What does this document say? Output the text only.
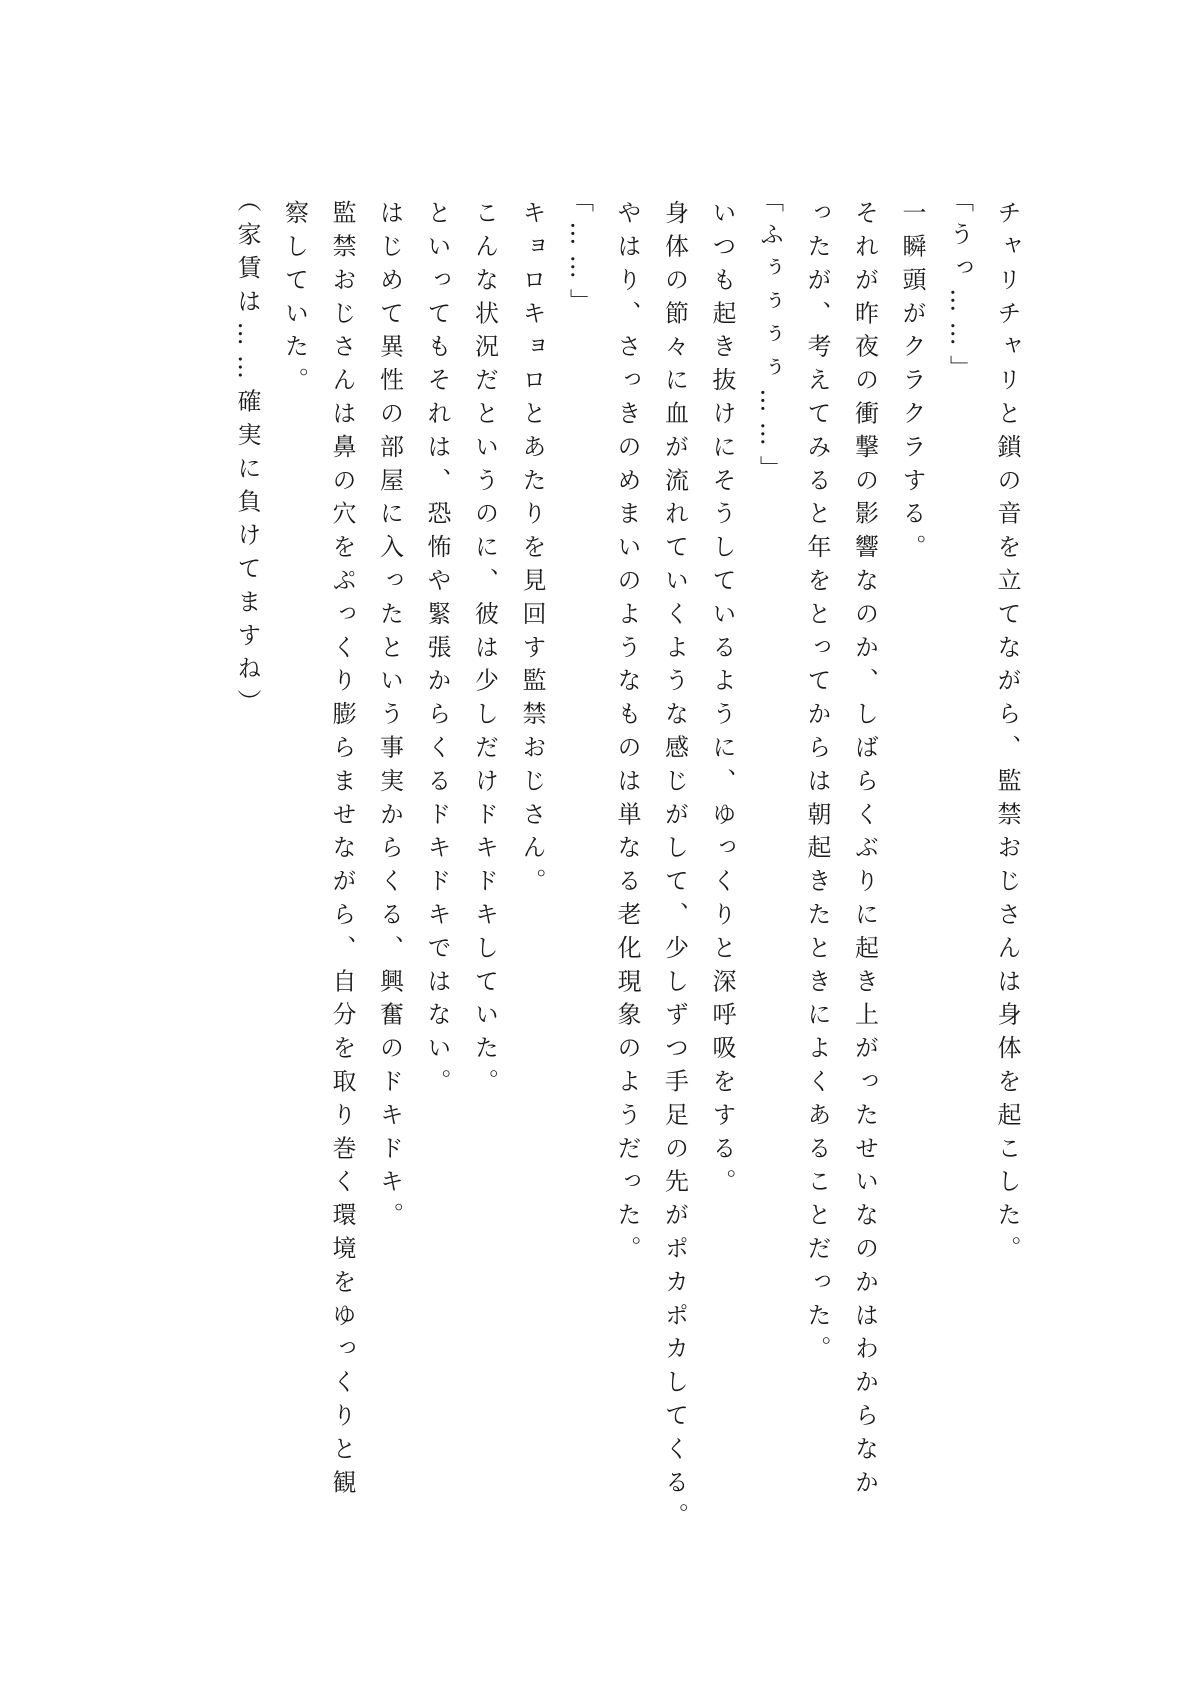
チャリチャリと鎖の音を立てながら、監禁おじさんは身体を起こした。

「うっ……」

一瞬頭がクラクラする。

それが昨夜の衝撃の影響なのか、しばらくぶりに起き上がったせいなのかはわからなか

ったが、考えてみると年をとってからは朝起きたときによくあることだった。

「ふぅぅぅぅ……」

いつも起き抜けにそうしているように、ゆっくりと深呼吸をする。

身体の節々に血が流れていくような感じがして、少しずつ手足の先がポカポカしてくる。

やはり、さっきのめまいのようなものは単なる老化現象のようだった。

「……」

キョロキョロとあたりを見回す監禁おじさん。

こんな状況だというのに、彼は少しだけドキドキしていた。

といってもそれは、恐怖や緊張からくるドキドキではない。

はじめて異性の部屋に入ったという事実からくる、興奮のドキドキ。

監禁おじさんは鼻の穴をぷっくり膨らませながら、自分を取り巻く環境をゆっくりと観

察していた。

（家賃は……確実に負けてますね）
